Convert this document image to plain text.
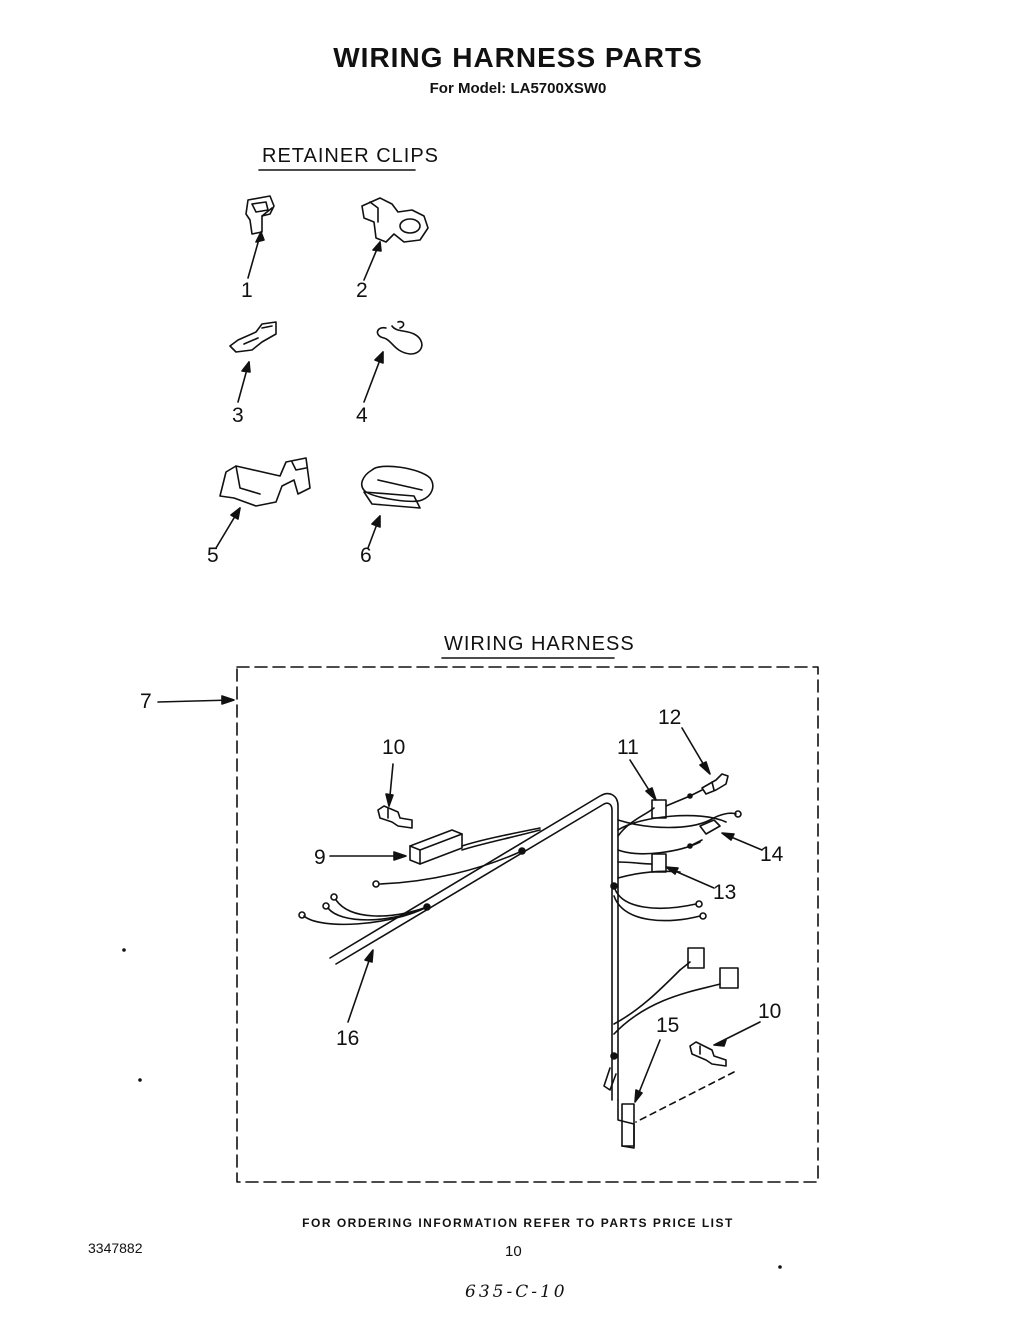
WIRING HARNESS PARTS
For Model: LA5700XSW0
RETAINER CLIPS
WIRING HARNESS
1	2
3	4
5	6
7
9
10	11
12
13
14
15
10
16
FOR ORDERING INFORMATION REFER TO PARTS PRICE LIST
3347882	10
635-C-10
